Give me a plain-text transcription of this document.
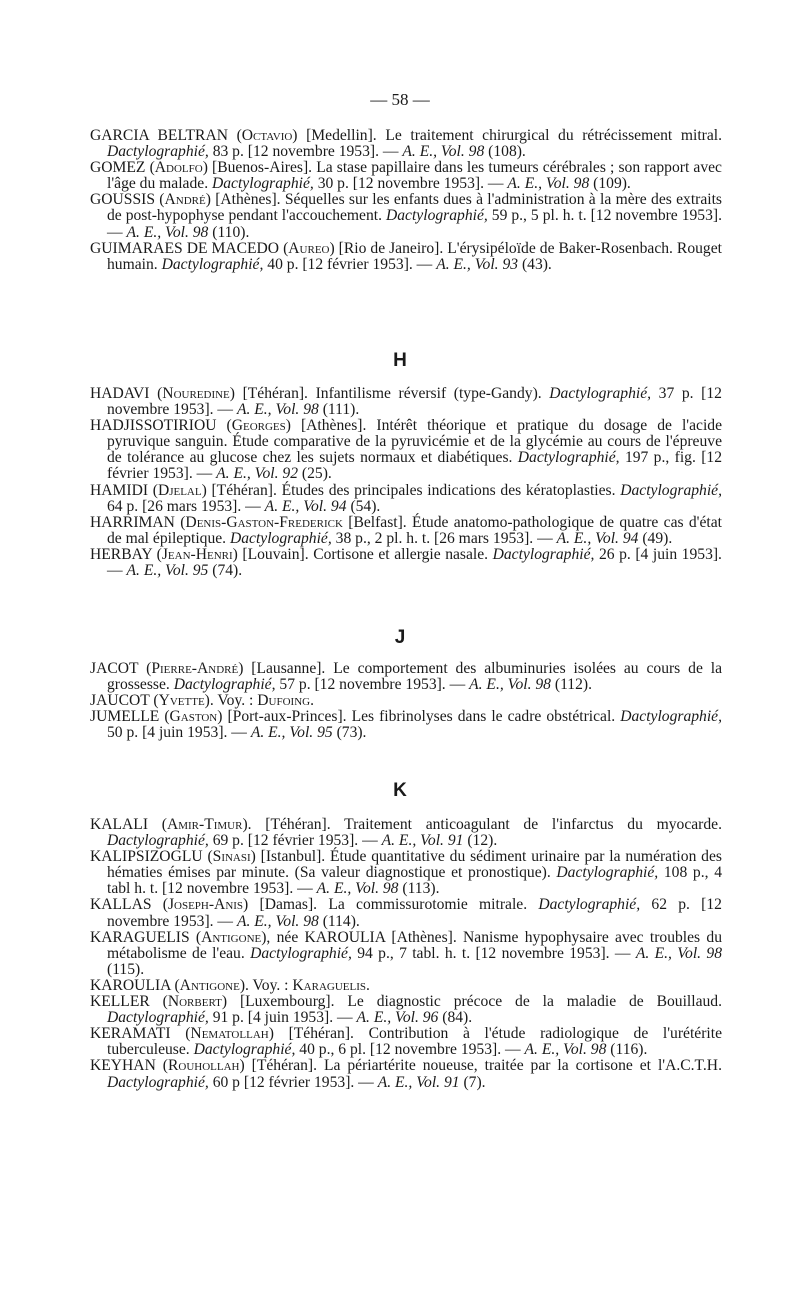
— 58 —

GARCIA BELTRAN (Octavio) [Medellin]. Le traitement chirurgical du rétrécissement mitral. Dactylographié, 83 p. [12 novembre 1953]. — A. E., Vol. 98 (108).

GOMEZ (Adolfo) [Buenos-Aires]. La stase papillaire dans les tumeurs cérébrales ; son rapport avec l'âge du malade. Dactylographié, 30 p. [12 novembre 1953]. — A. E., Vol. 98 (109).

GOUSSIS (André) [Athènes]. Séquelles sur les enfants dues à l'administration à la mère des extraits de post-hypophyse pendant l'accouchement. Dactylographié, 59 p., 5 pl. h. t. [12 novembre 1953]. — A. E., Vol. 98 (110).

GUIMARAES DE MACEDO (Aureo) [Rio de Janeiro]. L'érysipéloïde de Baker-Rosenbach. Rouget humain. Dactylographié, 40 p. [12 février 1953]. — A. E., Vol. 93 (43).

H

HADAVI (Nouredine) [Téhéran]. Infantilisme réversif (type-Gandy). Dactylographié, 37 p. [12 novembre 1953]. — A. E., Vol. 98 (111).

HADJISSOTIRIOU (Georges) [Athènes]. Intérêt théorique et pratique du dosage de l'acide pyruvique sanguin. Étude comparative de la pyruvicémie et de la glycémie au cours de l'épreuve de tolérance au glucose chez les sujets normaux et diabétiques. Dactylographié, 197 p., fig. [12 février 1953]. — A. E., Vol. 92 (25).

HAMIDI (Djelal) [Téhéran]. Études des principales indications des kératoplasties. Dactylographié, 64 p. [26 mars 1953]. — A. E., Vol. 94 (54).

HARRIMAN (Denis-Gaston-Frederick [Belfast]. Étude anatomo-pathologique de quatre cas d'état de mal épileptique. Dactylographié, 38 p., 2 pl. h. t. [26 mars 1953]. — A. E., Vol. 94 (49).

HERBAY (Jean-Henri) [Louvain]. Cortisone et allergie nasale. Dactylographié, 26 p. [4 juin 1953]. — A. E., Vol. 95 (74).

J

JACOT (Pierre-André) [Lausanne]. Le comportement des albuminuries isolées au cours de la grossesse. Dactylographié, 57 p. [12 novembre 1953]. — A. E., Vol. 98 (112).

JAUCOT (Yvette). Voy. : Dufoing.

JUMELLE (Gaston) [Port-aux-Princes]. Les fibrinolyses dans le cadre obstétrical. Dactylographié, 50 p. [4 juin 1953]. — A. E., Vol. 95 (73).

K

KALALI (Amir-Timur). [Téhéran]. Traitement anticoagulant de l'infarctus du myocarde. Dactylographié, 69 p. [12 février 1953]. — A. E., Vol. 91 (12).

KALIPSIZOGLU (Sinasi) [Istanbul]. Étude quantitative du sédiment urinaire par la numération des hématies émises par minute. (Sa valeur diagnostique et pronostique). Dactylographié, 108 p., 4 tabl h. t. [12 novembre 1953]. — A. E., Vol. 98 (113).

KALLAS (Joseph-Anis) [Damas]. La commissurotomie mitrale. Dactylographié, 62 p. [12 novembre 1953]. — A. E., Vol. 98 (114).

KARAGUELIS (Antigone), née KAROULIA [Athènes]. Nanisme hypophysaire avec troubles du métabolisme de l'eau. Dactylographié, 94 p., 7 tabl. h. t. [12 novembre 1953]. — A. E., Vol. 98 (115).

KAROULIA (Antigone). Voy. : Karaguelis.

KELLER (Norbert) [Luxembourg]. Le diagnostic précoce de la maladie de Bouillaud. Dactylographié, 91 p. [4 juin 1953]. — A. E., Vol. 96 (84).

KERAMATI (Nematollah) [Téhéran]. Contribution à l'étude radiologique de l'urétérite tuberculeuse. Dactylographié, 40 p., 6 pl. [12 novembre 1953]. — A. E., Vol. 98 (116).

KEYHAN (Rouhollah) [Téhéran]. La périartérite noueuse, traitée par la cortisone et l'A.C.T.H. Dactylographié, 60 p [12 février 1953]. — A. E., Vol. 91 (7).
